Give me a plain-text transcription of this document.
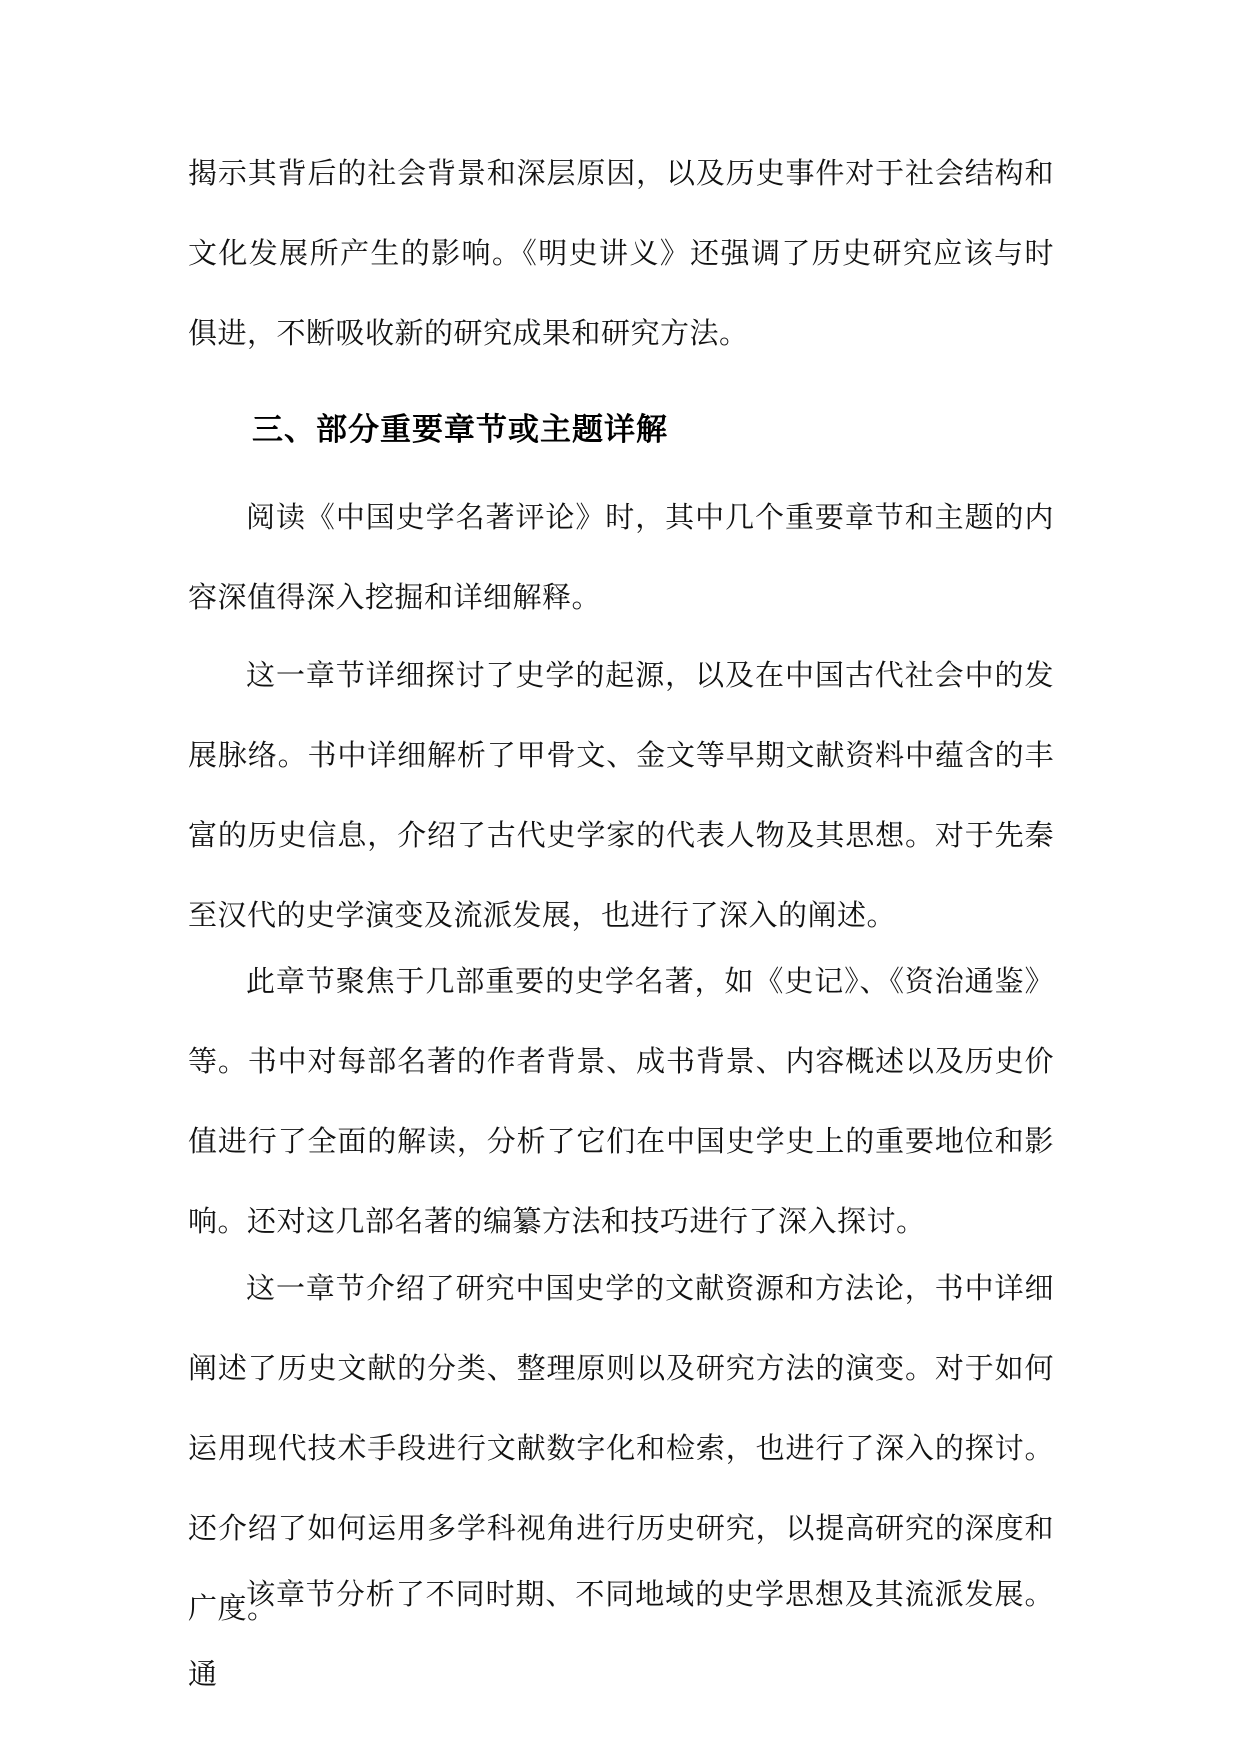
揭示其背后的社会背景和深层原因，以及历史事件对于社会结构和文化发展所产生的影响。《明史讲义》还强调了历史研究应该与时俱进，不断吸收新的研究成果和研究方法。

三、部分重要章节或主题详解

阅读《中国史学名著评论》时，其中几个重要章节和主题的内容深值得深入挖掘和详细解释。

这一章节详细探讨了史学的起源，以及在中国古代社会中的发展脉络。书中详细解析了甲骨文、金文等早期文献资料中蕴含的丰富的历史信息，介绍了古代史学家的代表人物及其思想。对于先秦至汉代的史学演变及流派发展，也进行了深入的阐述。

此章节聚焦于几部重要的史学名著，如《史记》、《资治通鉴》等。书中对每部名著的作者背景、成书背景、内容概述以及历史价值进行了全面的解读，分析了它们在中国史学史上的重要地位和影响。还对这几部名著的编纂方法和技巧进行了深入探讨。

这一章节介绍了研究中国史学的文献资源和方法论，书中详细阐述了历史文献的分类、整理原则以及研究方法的演变。对于如何运用现代技术手段进行文献数字化和检索，也进行了深入的探讨。还介绍了如何运用多学科视角进行历史研究，以提高研究的深度和广度。

该章节分析了不同时期、不同地域的史学思想及其流派发展。通
